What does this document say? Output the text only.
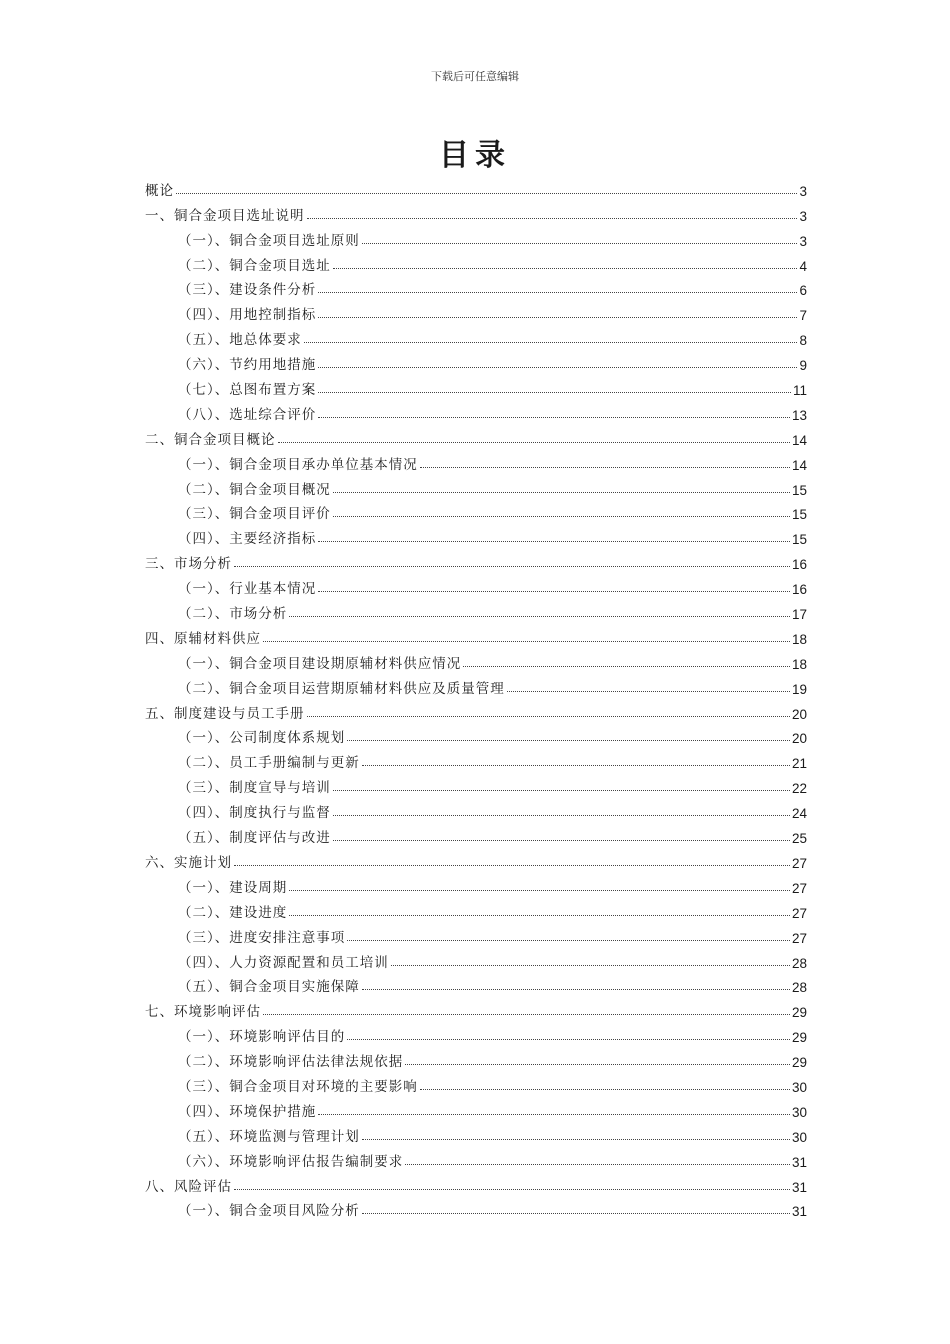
下载后可任意编辑
目录
概论	3
一、铜合金项目选址说明	3
（一）、铜合金项目选址原则	3
（二）、铜合金项目选址	4
（三）、建设条件分析	6
（四）、用地控制指标	7
（五）、地总体要求	8
（六）、节约用地措施	9
（七）、总图布置方案	11
（八）、选址综合评价	13
二、铜合金项目概论	14
（一）、铜合金项目承办单位基本情况	14
（二）、铜合金项目概况	15
（三）、铜合金项目评价	15
（四）、主要经济指标	15
三、市场分析	16
（一）、行业基本情况	16
（二）、市场分析	17
四、原辅材料供应	18
（一）、铜合金项目建设期原辅材料供应情况	18
（二）、铜合金项目运营期原辅材料供应及质量管理	19
五、制度建设与员工手册	20
（一）、公司制度体系规划	20
（二）、员工手册编制与更新	21
（三）、制度宣导与培训	22
（四）、制度执行与监督	24
（五）、制度评估与改进	25
六、实施计划	27
（一）、建设周期	27
（二）、建设进度	27
（三）、进度安排注意事项	27
（四）、人力资源配置和员工培训	28
（五）、铜合金项目实施保障	28
七、环境影响评估	29
（一）、环境影响评估目的	29
（二）、环境影响评估法律法规依据	29
（三）、铜合金项目对环境的主要影响	30
（四）、环境保护措施	30
（五）、环境监测与管理计划	30
（六）、环境影响评估报告编制要求	31
八、风险评估	31
（一）、铜合金项目风险分析	31
